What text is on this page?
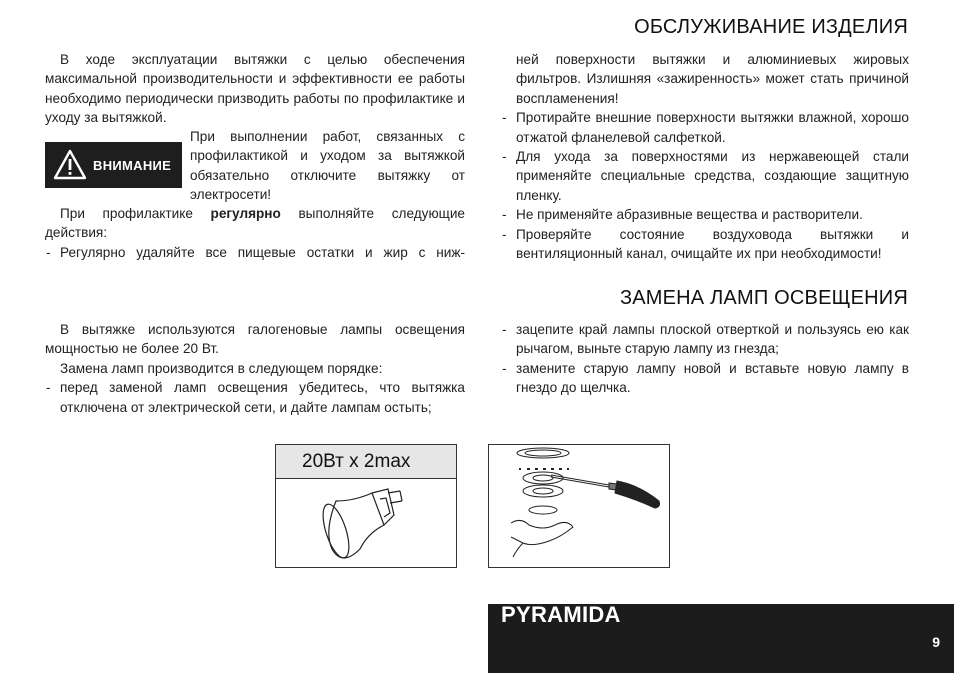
ОБСЛУЖИВАНИЕ ИЗДЕЛИЯ

В ходе эксплуатации вытяжки с целью обеспечения максимальной производительности и эффективности ее работы необходимо периодически призводить работы по профилактике и уходу за вытяжкой.

ВНИМАНИЕ
При выполнении работ, связанных с
профилактикой и уходом за вытяжкой
обязательно отключите вытяжку от
электросети!

При профилактике регулярно выполняйте следующие действия:

- Регулярно удаляйте все пищевые остатки и жир с ниж-

ней поверхности вытяжки и алюминиевых жировых фильтров. Излишняя «зажиренность» может стать причиной воспламенения!

- Протирайте внешние поверхности вытяжки влажной, хорошо отжатой фланелевой салфеткой.
- Для ухода за поверхностями из нержавеющей стали применяйте специальные средства, создающие защитную пленку.
- Не применяйте абразивные вещества и растворители.
- Проверяйте состояние воздуховода вытяжки и вентиляционный канал, очищайте их при необходимости!
ЗАМЕНА ЛАМП ОСВЕЩЕНИЯ

В вытяжке используются галогеновые лампы освещения мощностью не более 20 Вт.

Замена ламп производится в следующем порядке:

- перед заменой ламп освещения убедитесь, что вытяжка отключена от электрической сети, и дайте лампам остыть;
- зацепите край лампы плоской отверткой и пользуясь ею как рычагом, выньте старую лампу из гнезда;
- замените старую лампу новой и вставьте новую лампу в гнездо до щелчка.
20Вт х 2max
PYRAMIDA
9
